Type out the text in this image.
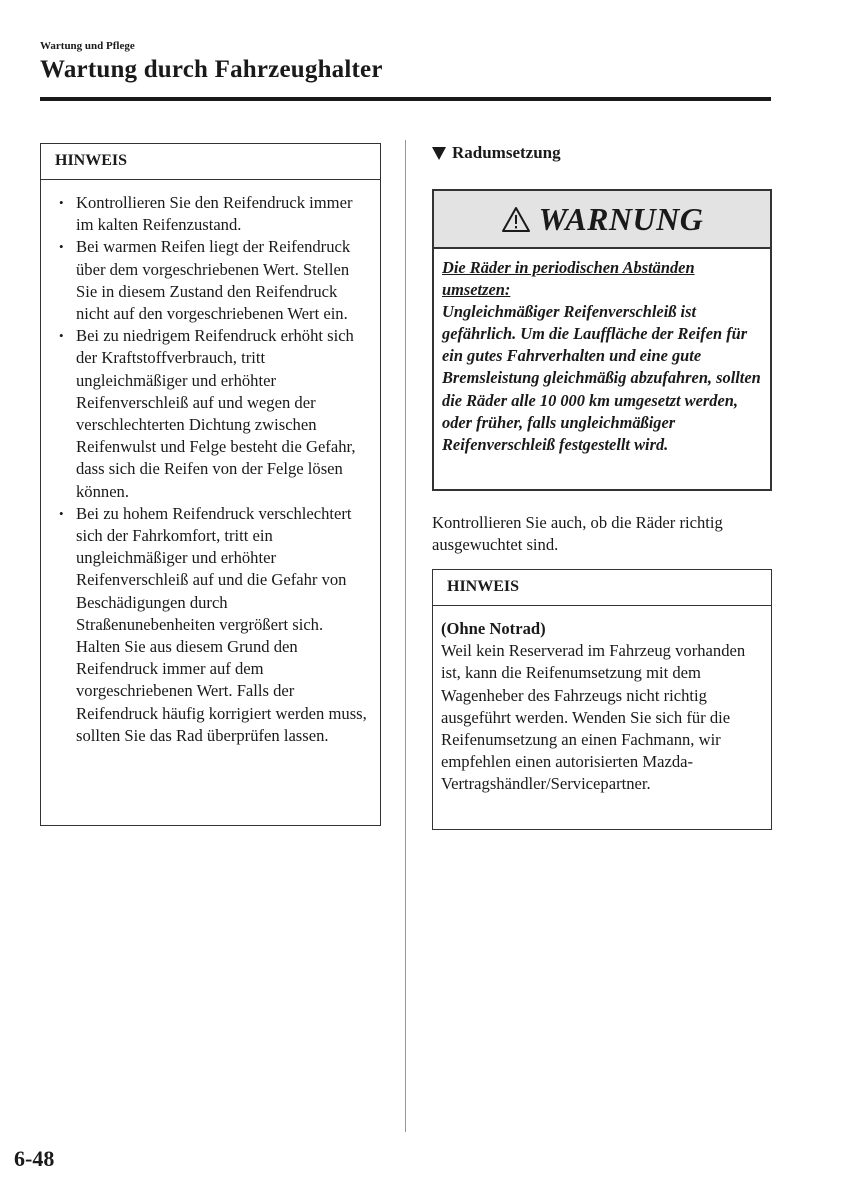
Wartung und Pflege
Wartung durch Fahrzeughalter
HINWEIS
• Kontrollieren Sie den Reifendruck immer im kalten Reifenzustand.
• Bei warmen Reifen liegt der Reifendruck über dem vorgeschriebenen Wert. Stellen Sie in diesem Zustand den Reifendruck nicht auf den vorgeschriebenen Wert ein.
• Bei zu niedrigem Reifendruck erhöht sich der Kraftstoffverbrauch, tritt ungleichmäßiger und erhöhter Reifenverschleiß auf und wegen der verschlechterten Dichtung zwischen Reifenwulst und Felge besteht die Gefahr, dass sich die Reifen von der Felge lösen können.
• Bei zu hohem Reifendruck verschlechtert sich der Fahrkomfort, tritt ein ungleichmäßiger und erhöhter Reifenverschleiß auf und die Gefahr von Beschädigungen durch Straßenunebenheiten vergrößert sich. Halten Sie aus diesem Grund den Reifendruck immer auf dem vorgeschriebenen Wert. Falls der Reifendruck häufig korrigiert werden muss, sollten Sie das Rad überprüfen lassen.
Radumsetzung
WARNUNG
Die Räder in periodischen Abständen umsetzen:
Ungleichmäßiger Reifenverschleiß ist gefährlich. Um die Lauffläche der Reifen für ein gutes Fahrverhalten und eine gute Bremsleistung gleichmäßig abzufahren, sollten die Räder alle 10 000 km umgesetzt werden, oder früher, falls ungleichmäßiger Reifenverschleiß festgestellt wird.
Kontrollieren Sie auch, ob die Räder richtig ausgewuchtet sind.
HINWEIS
(Ohne Notrad)
Weil kein Reserverad im Fahrzeug vorhanden ist, kann die Reifenumsetzung mit dem Wagenheber des Fahrzeugs nicht richtig ausgeführt werden. Wenden Sie sich für die Reifenumsetzung an einen Fachmann, wir empfehlen einen autorisierten Mazda-Vertragshändler/Servicepartner.
6-48
